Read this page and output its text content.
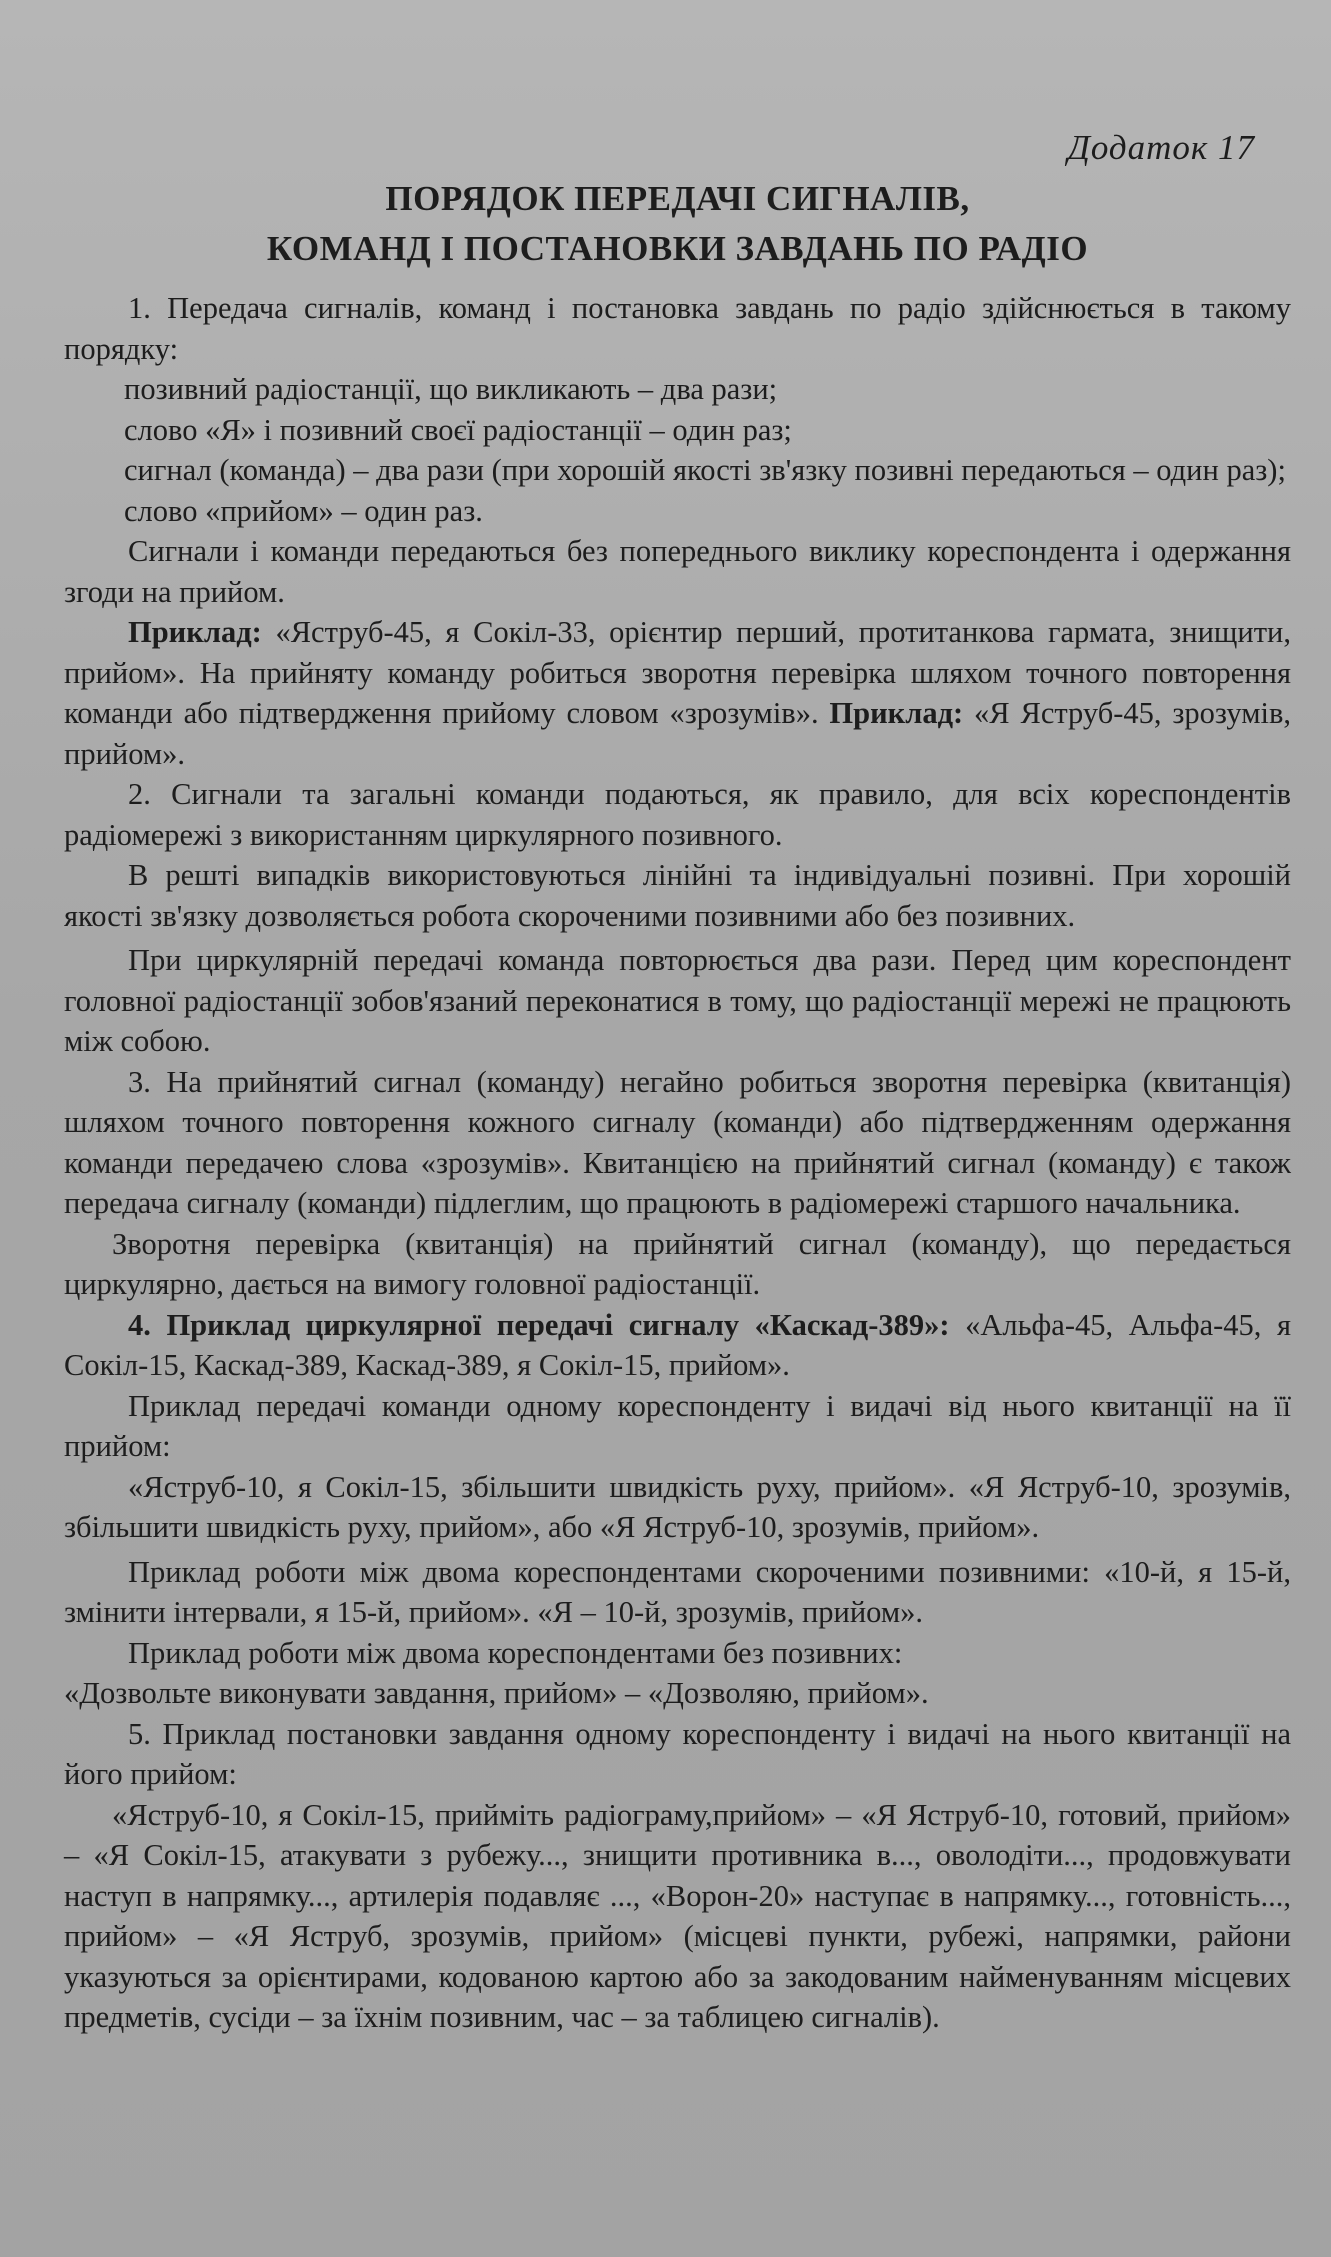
Додаток 17
ПОРЯДОК ПЕРЕДАЧІ СИГНАЛІВ,
КОМАНД І ПОСТАНОВКИ ЗАВДАНЬ ПО РАДІО

1. Передача сигналів, команд і постановка завдань по радіо здійснюється в такому порядку:

позивний радіостанції, що викликають – два рази;

слово «Я» і позивний своєї радіостанції – один раз;

сигнал (команда) – два рази (при хорошій якості зв'язку позивні передаються – один раз);

слово «прийом» – один раз.

Сигнали і команди передаються без попереднього виклику кореспондента і одержання згоди на прийом.

Приклад: «Яструб-45, я Сокіл-33, орієнтир перший, протитанкова гармата, знищити, прийом». На прийняту команду робиться зворотня перевірка шляхом точного повторення команди або підтвердження прийому словом «зрозумів». Приклад: «Я Яструб-45, зрозумів, прийом».

2. Сигнали та загальні команди подаються, як правило, для всіх кореспондентів радіомережі з використанням циркулярного позивного.

В решті випадків використовуються лінійні та індивідуальні позивні. При хорошій якості зв'язку дозволяється робота скороченими позивними або без позивних.

При циркулярній передачі команда повторюється два рази. Перед цим кореспондент головної радіостанції зобов'язаний переконатися в тому, що радіостанції мережі не працюють між собою.

3. На прийнятий сигнал (команду) негайно робиться зворотня перевірка (квитанція) шляхом точного повторення кожного сигналу (команди) або підтвердженням одержання команди передачею слова «зрозумів». Квитанцією на прийнятий сигнал (команду) є також передача сигналу (команди) підлеглим, що працюють в радіомережі старшого начальника.

Зворотня перевірка (квитанція) на прийнятий сигнал (команду), що передається циркулярно, дається на вимогу головної радіостанції.

4. Приклад циркулярної передачі сигналу «Каскад-389»: «Альфа-45, Альфа-45, я Сокіл-15, Каскад-389, Каскад-389, я Сокіл-15, прийом».

Приклад передачі команди одному кореспонденту і видачі від нього квитанції на її прийом:

«Яструб-10, я Сокіл-15, збільшити швидкість руху, прийом». «Я Яструб-10, зрозумів, збільшити швидкість руху, прийом», або «Я Яструб-10, зрозумів, прийом».

Приклад роботи між двома кореспондентами скороченими позивними: «10-й, я 15-й, змінити інтервали, я 15-й, прийом». «Я – 10-й, зрозумів, прийом».

Приклад роботи між двома кореспондентами без позивних:

«Дозвольте виконувати завдання, прийом» – «Дозволяю, прийом».

5. Приклад постановки завдання одному кореспонденту і видачі на нього квитанції на його прийом:

«Яструб-10, я Сокіл-15, прийміть радіограму,прийом» – «Я Яструб-10, готовий, прийом» – «Я Сокіл-15, атакувати з рубежу..., знищити противника в..., оволодіти..., продовжувати наступ в напрямку..., артилерія подавляє ..., «Ворон-20» наступає в напрямку..., готовність..., прийом» – «Я Яструб, зрозумів, прийом» (місцеві пункти, рубежі, напрямки, райони указуються за орієнтирами, кодованою картою або за закодованим найменуванням місцевих предметів, сусіди – за їхнім позивним, час – за таблицею сигналів).
